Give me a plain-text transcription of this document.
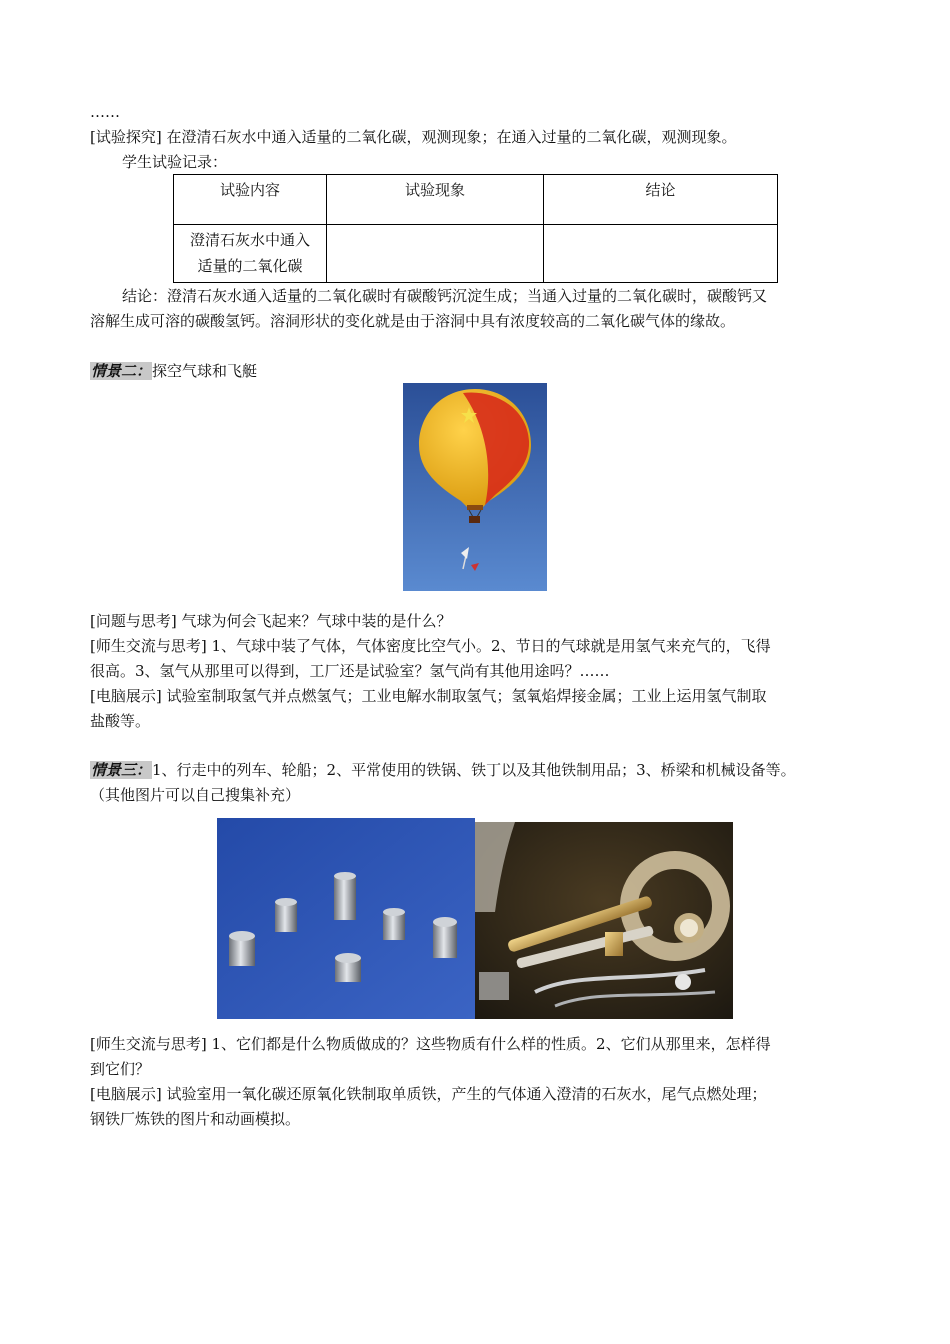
……

[试验探究] 在澄清石灰水中通入适量的二氧化碳，观测现象；在通入过量的二氧化碳，观测现象。

学生试验记录：

试验内容	试验现象	结论
澄清石灰水中通入
适量的二氧化碳		

结论：澄清石灰水通入适量的二氧化碳时有碳酸钙沉淀生成；当通入过量的二氧化碳时，碳酸钙又

溶解生成可溶的碳酸氢钙。溶洞形状的变化就是由于溶洞中具有浓度较高的二氧化碳气体的缘故。

情景二：探空气球和飞艇

[问题与思考] 气球为何会飞起来？气球中装的是什么？

[师生交流与思考] 1、气球中装了气体，气体密度比空气小。2、节日的气球就是用氢气来充气的，飞得

很高。3、氢气从那里可以得到，工厂还是试验室？氢气尚有其他用途吗？……

[电脑展示] 试验室制取氢气并点燃氢气；工业电解水制取氢气；氢氧焰焊接金属；工业上运用氢气制取

盐酸等。

情景三：1、行走中的列车、轮船；2、平常使用的铁锅、铁丁以及其他铁制用品；3、桥梁和机械设备等。

（其他图片可以自己搜集补充）

[师生交流与思考] 1、它们都是什么物质做成的？这些物质有什么样的性质。2、它们从那里来，怎样得

到它们？

[电脑展示] 试验室用一氧化碳还原氧化铁制取单质铁，产生的气体通入澄清的石灰水，尾气点燃处理；

钢铁厂炼铁的图片和动画模拟。
